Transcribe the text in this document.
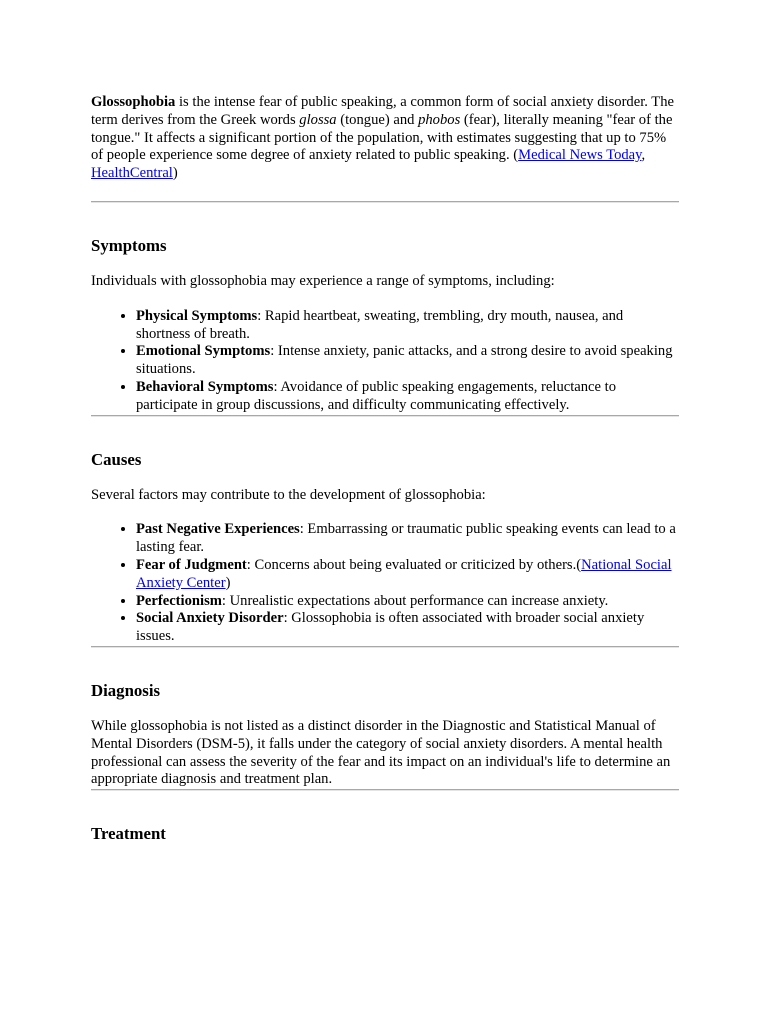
Glossophobia is the intense fear of public speaking, a common form of social anxiety disorder. The term derives from the Greek words glossa (tongue) and phobos (fear), literally meaning "fear of the tongue." It affects a significant portion of the population, with estimates suggesting that up to 75% of people experience some degree of anxiety related to public speaking. (Medical News Today, HealthCentral)

Symptoms

Individuals with glossophobia may experience a range of symptoms, including:

• Physical Symptoms: Rapid heartbeat, sweating, trembling, dry mouth, nausea, and shortness of breath.
• Emotional Symptoms: Intense anxiety, panic attacks, and a strong desire to avoid speaking situations.
• Behavioral Symptoms: Avoidance of public speaking engagements, reluctance to participate in group discussions, and difficulty communicating effectively.
Causes

Several factors may contribute to the development of glossophobia:

• Past Negative Experiences: Embarrassing or traumatic public speaking events can lead to a lasting fear.
• Fear of Judgment: Concerns about being evaluated or criticized by others.(National Social Anxiety Center)
• Perfectionism: Unrealistic expectations about performance can increase anxiety.
• Social Anxiety Disorder: Glossophobia is often associated with broader social anxiety issues.
Diagnosis

While glossophobia is not listed as a distinct disorder in the Diagnostic and Statistical Manual of Mental Disorders (DSM-5), it falls under the category of social anxiety disorders. A mental health professional can assess the severity of the fear and its impact on an individual's life to determine an appropriate diagnosis and treatment plan.

Treatment
